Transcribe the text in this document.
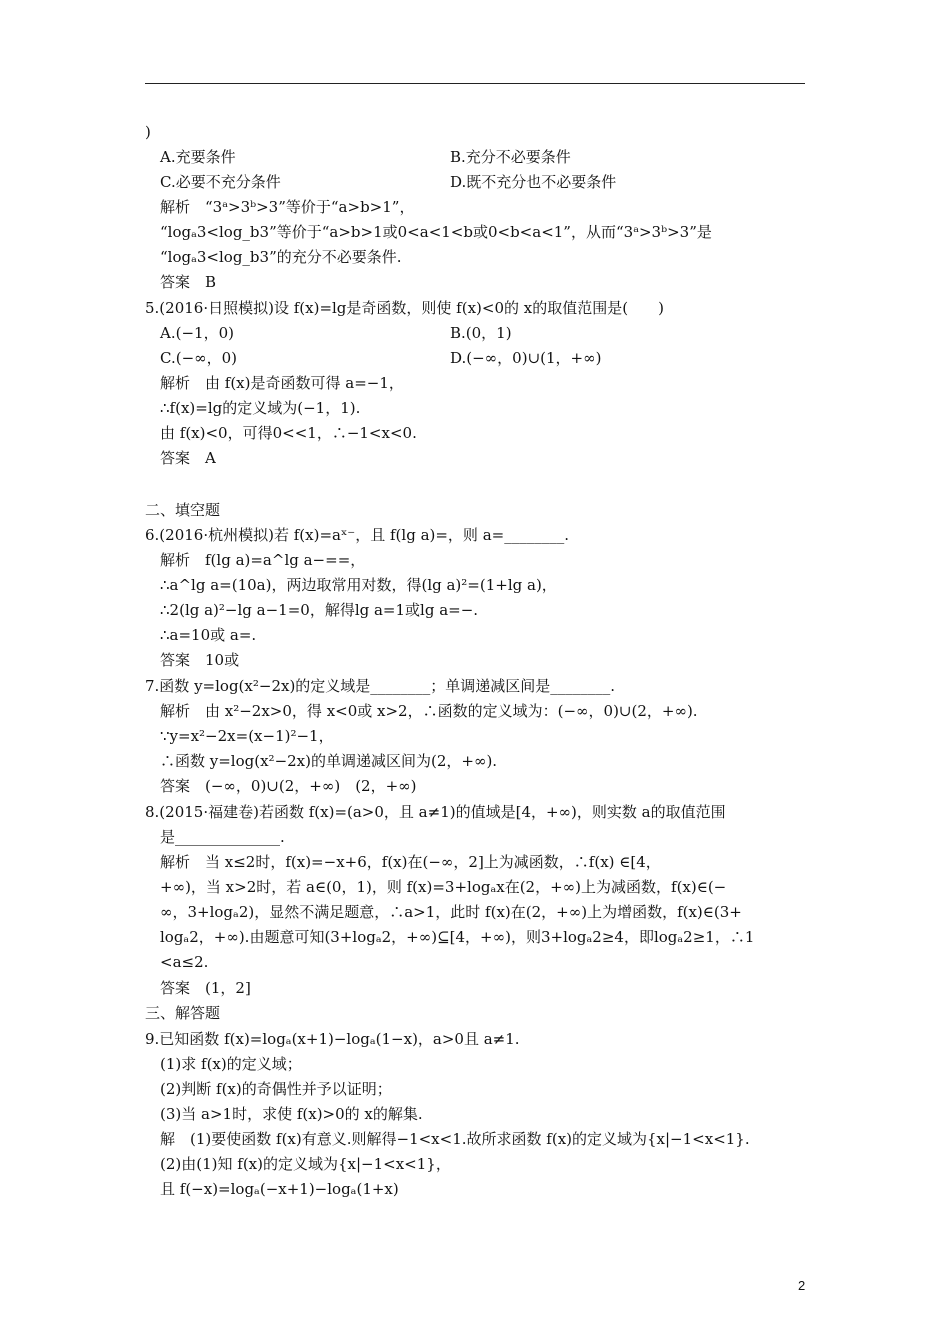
)
A.充要条件	B.充分不必要条件
C.必要不充分条件	D.既不充分也不必要条件
解析　“3ᵃ>3ᵇ>3”等价于“a>b>1”，
“logₐ3<log_b3”等价于“a>b>1或0<a<1<b或0<b<a<1”，从而“3ᵃ>3ᵇ>3”是
“logₐ3<log_b3”的充分不必要条件.
答案　B
5.(2016·日照模拟)设 f(x)=lg是奇函数，则使 f(x)<0的 x的取值范围是(　　)
A.(−1，0)	B.(0，1)
C.(−∞，0)	D.(−∞，0)∪(1，+∞)
解析　由 f(x)是奇函数可得 a=−1，
∴f(x)=lg的定义域为(−1，1).
由 f(x)<0，可得0<<1，∴−1<x<0.
答案　A
二、填空题
6.(2016·杭州模拟)若 f(x)=aˣ⁻，且 f(lg a)=，则 a=________.
解析　f(lg a)=a^lg a−==，
∴a^lg a=(10a)，两边取常用对数，得(lg a)²=(1+lg a)，
∴2(lg a)²−lg a−1=0，解得lg a=1或lg a=−.
∴a=10或 a=.
答案　10或
7.函数 y=log(x²−2x)的定义域是________；单调递减区间是________.
解析　由 x²−2x>0，得 x<0或 x>2，∴函数的定义域为：(−∞，0)∪(2，+∞).
∵y=x²−2x=(x−1)²−1，
∴函数 y=log(x²−2x)的单调递减区间为(2，+∞).
答案　(−∞，0)∪(2，+∞)　(2，+∞)
8.(2015·福建卷)若函数 f(x)=(a>0，且 a≠1)的值域是[4，+∞)，则实数 a的取值范围
是______________.
解析　当 x≤2时，f(x)=−x+6，f(x)在(−∞，2]上为减函数，∴f(x) ∈[4，
+∞)，当 x>2时，若 a∈(0，1)，则 f(x)=3+logₐx在(2，+∞)上为减函数，f(x)∈(−
∞，3+logₐ2)，显然不满足题意，∴a>1，此时 f(x)在(2，+∞)上为增函数，f(x)∈(3+
logₐ2，+∞).由题意可知(3+logₐ2，+∞)⊆[4，+∞)，则3+logₐ2≥4，即logₐ2≥1，∴1
<a≤2.
答案　(1，2]
三、解答题
9.已知函数 f(x)=logₐ(x+1)−logₐ(1−x)，a>0且 a≠1.
(1)求 f(x)的定义域；
(2)判断 f(x)的奇偶性并予以证明；
(3)当 a>1时，求使 f(x)>0的 x的解集.
解　(1)要使函数 f(x)有意义.则解得−1<x<1.故所求函数 f(x)的定义域为{x|−1<x<1}.
(2)由(1)知 f(x)的定义域为{x|−1<x<1}，
且 f(−x)=logₐ(−x+1)−logₐ(1+x)
2
